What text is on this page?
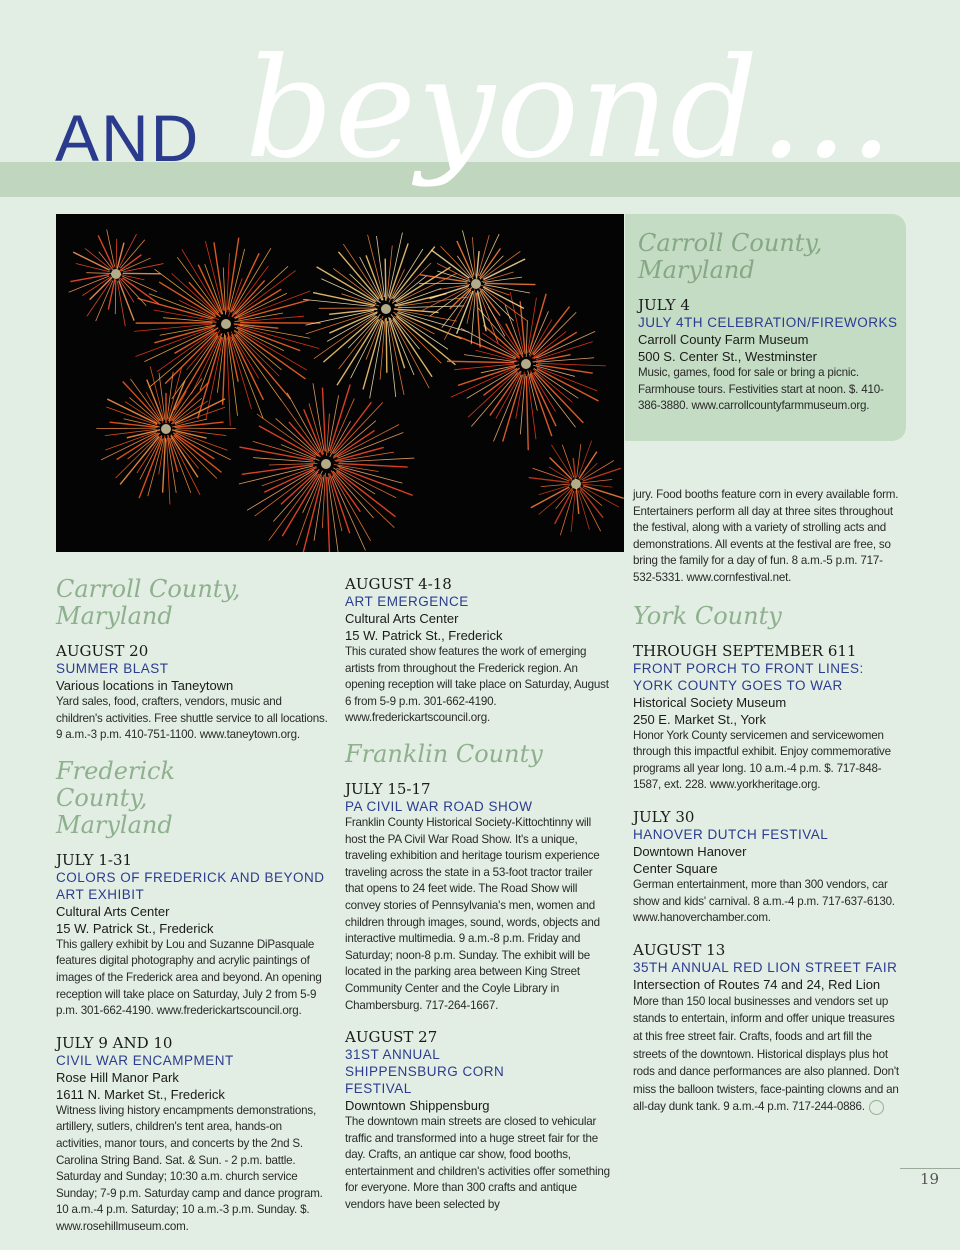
beyond...
AND
Carroll County, Maryland
JULY 4
JULY 4TH CELEBRATION/FIREWORKS
Carroll County Farm Museum
500 S. Center St., Westminster
Music, games, food for sale or bring a picnic. Farmhouse tours. Festivities start at noon. $. 410-386-3880. www.carrollcountyfarmmuseum.org.
Carroll County, Maryland
AUGUST 20
SUMMER BLAST
Various locations in Taneytown
Yard sales, food, crafters, vendors, music and children's activities. Free shuttle service to all locations. 9 a.m.-3 p.m. 410-751-1100. www.taneytown.org.
Frederick County, Maryland
JULY 1-31
COLORS OF FREDERICK AND BEYOND ART EXHIBIT
Cultural Arts Center
15 W. Patrick St., Frederick
This gallery exhibit by Lou and Suzanne DiPasquale features digital photography and acrylic paintings of images of the Frederick area and beyond. An opening reception will take place on Saturday, July 2 from 5-9 p.m. 301-662-4190. www.frederickartscouncil.org.
JULY 9 AND 10
CIVIL WAR ENCAMPMENT
Rose Hill Manor Park
1611 N. Market St., Frederick
Witness living history encampments demonstrations, artillery, sutlers, children's tent area, hands-on activities, manor tours, and concerts by the 2nd S. Carolina String Band. Sat. & Sun. - 2 p.m. battle. Saturday and Sunday; 10:30 a.m. church service Sunday; 7-9 p.m. Saturday camp and dance program. 10 a.m.-4 p.m. Saturday; 10 a.m.-3 p.m. Sunday. $. www.rosehillmuseum.com.
AUGUST 4-18
ART EMERGENCE
Cultural Arts Center
15 W. Patrick St., Frederick
This curated show features the work of emerging artists from throughout the Frederick region. An opening reception will take place on Saturday, August 6 from 5-9 p.m. 301-662-4190. www.frederickartscouncil.org.
Franklin County
JULY 15-17
PA CIVIL WAR ROAD SHOW
Franklin County Historical Society-Kittochtinny will host the PA Civil War Road Show. It's a unique, traveling exhibition and heritage tourism experience traveling across the state in a 53-foot tractor trailer that opens to 24 feet wide. The Road Show will convey stories of Pennsylvania's men, women and children through images, sound, words, objects and interactive multimedia. 9 a.m.-8 p.m. Friday and Saturday; noon-8 p.m. Sunday. The exhibit will be located in the parking area between King Street Community Center and the Coyle Library in Chambersburg. 717-264-1667.
AUGUST 27
31ST ANNUAL SHIPPENSBURG CORN FESTIVAL
Downtown Shippensburg
The downtown main streets are closed to vehicular traffic and transformed into a huge street fair for the day. Crafts, an antique car show, food booths, entertainment and children's activities offer something for everyone. More than 300 crafts and antique vendors have been selected by
jury. Food booths feature corn in every available form. Entertainers perform all day at three sites throughout the festival, along with a variety of strolling acts and demonstrations. All events at the festival are free, so bring the family for a day of fun. 8 a.m.-5 p.m. 717-532-5331. www.cornfestival.net.
York County
THROUGH SEPTEMBER 611
FRONT PORCH TO FRONT LINES: YORK COUNTY GOES TO WAR
Historical Society Museum
250 E. Market St., York
Honor York County servicemen and servicewomen through this impactful exhibit. Enjoy commemorative programs all year long. 10 a.m.-4 p.m. $. 717-848-1587, ext. 228. www.yorkheritage.org.
JULY 30
HANOVER DUTCH FESTIVAL
Downtown Hanover
Center Square
German entertainment, more than 300 vendors, car show and kids' carnival. 8 a.m.-4 p.m. 717-637-6130. www.hanoverchamber.com.
AUGUST 13
35TH ANNUAL RED LION STREET FAIR
Intersection of Routes 74 and 24, Red Lion
More than 150 local businesses and vendors set up stands to entertain, inform and offer unique treasures at this free street fair. Crafts, foods and art fill the streets of the downtown. Historical displays plus hot rods and dance performances are also planned. Don't miss the balloon twisters, face-painting clowns and an all-day dunk tank. 9 a.m.-4 p.m. 717-244-0886.
19
